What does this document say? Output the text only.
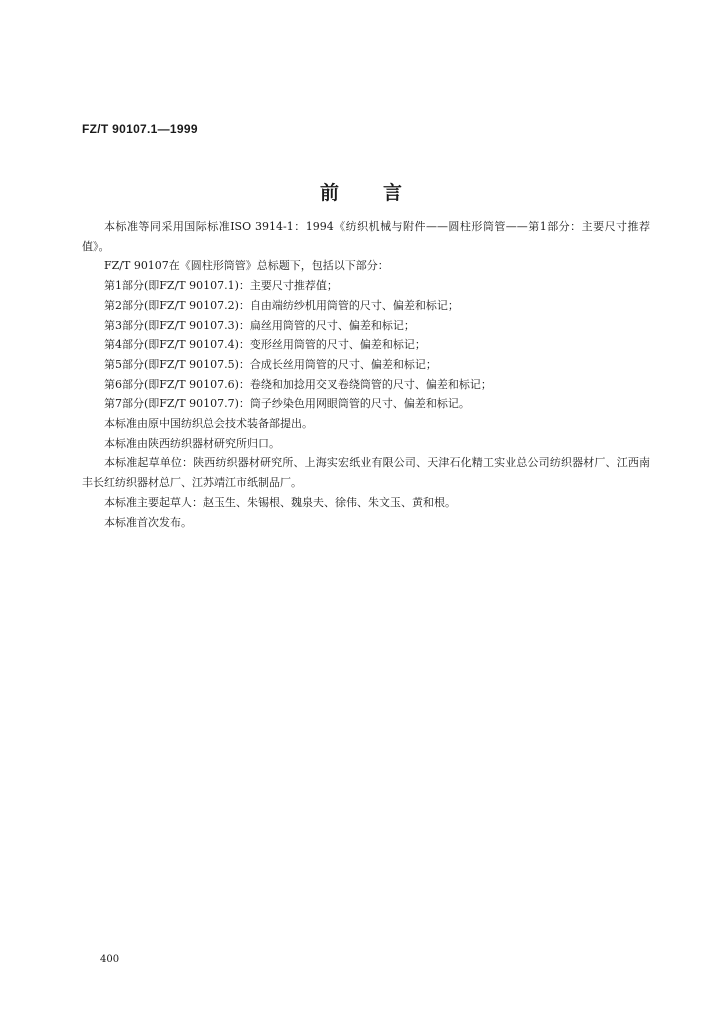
FZ/T 90107.1—1999
前言

本标准等同采用国际标准ISO 3914-1：1994《纺织机械与附件——圆柱形筒管——第1部分：主要尺寸推荐值》。

FZ/T 90107在《圆柱形筒管》总标题下，包括以下部分：

第1部分(即FZ/T 90107.1)：主要尺寸推荐值；

第2部分(即FZ/T 90107.2)：自由端纺纱机用筒管的尺寸、偏差和标记；

第3部分(即FZ/T 90107.3)：扁丝用筒管的尺寸、偏差和标记；

第4部分(即FZ/T 90107.4)：变形丝用筒管的尺寸、偏差和标记；

第5部分(即FZ/T 90107.5)：合成长丝用筒管的尺寸、偏差和标记；

第6部分(即FZ/T 90107.6)：卷绕和加捻用交叉卷绕筒管的尺寸、偏差和标记；

第7部分(即FZ/T 90107.7)：筒子纱染色用网眼筒管的尺寸、偏差和标记。

本标准由原中国纺织总会技术装备部提出。

本标准由陕西纺织器材研究所归口。

本标准起草单位：陕西纺织器材研究所、上海实宏纸业有限公司、天津石化精工实业总公司纺织器材厂、江西南丰长红纺织器材总厂、江苏靖江市纸制品厂。

本标准主要起草人：赵玉生、朱锡根、魏泉夫、徐伟、朱文玉、黄和根。

本标准首次发布。

400
